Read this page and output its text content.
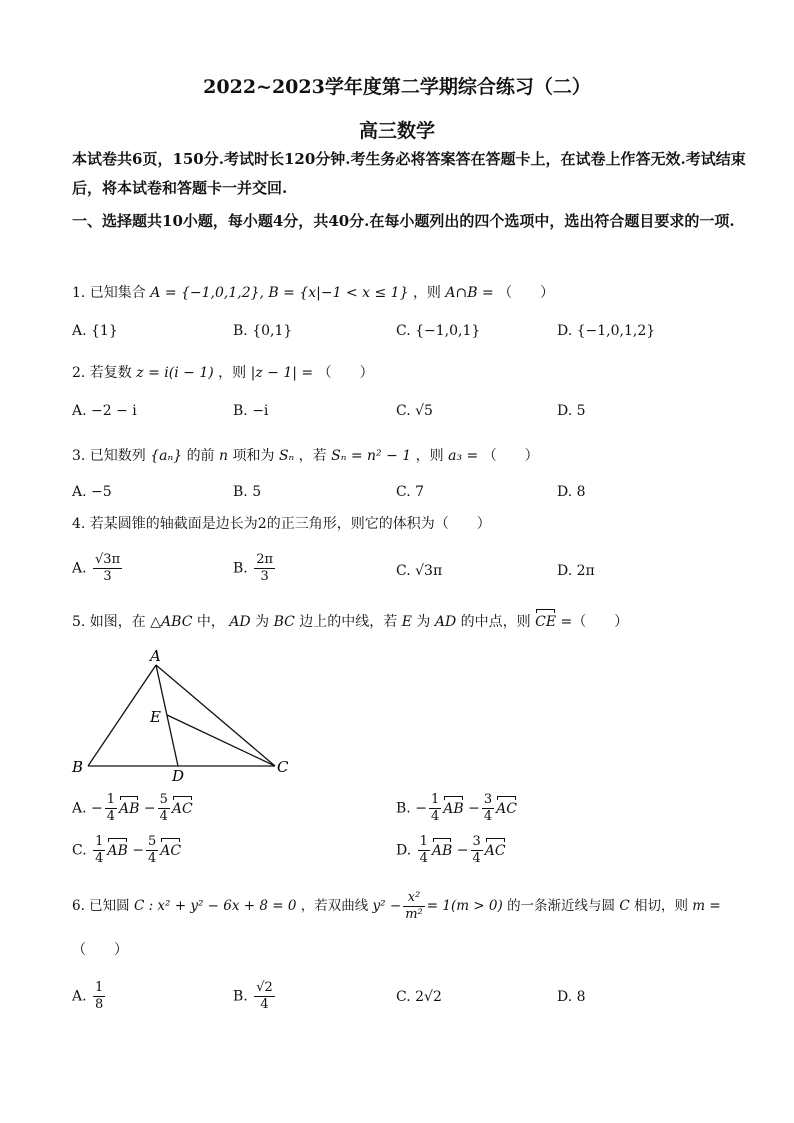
2022~2023学年度第二学期综合练习（二）
高三数学
本试卷共6页，150分.考试时长120分钟.考生务必将答案答在答题卡上，在试卷上作答无效.考试结束后，将本试卷和答题卡一并交回.
一、选择题共10小题，每小题4分，共40分.在每小题列出的四个选项中，选出符合题目要求的一项.
1. 已知集合 A = {−1,0,1,2}, B = {x|−1 < x ≤ 1} ，则 A∩B = （　　）
A. {1}	B. {0,1}	C. {−1,0,1}	D. {−1,0,1,2}
2. 若复数 z = i(i − 1) ，则 |z − 1| = （　　）
A. −2 − i	B. −i	C. √5	D. 5
3. 已知数列 {aₙ} 的前 n 项和为 Sₙ ，若 Sₙ = n² − 1 ，则 a₃ = （　　）
A. −5	B. 5	C. 7	D. 8
4. 若某圆锥的轴截面是边长为2的正三角形，则它的体积为（　　）
A. $\frac{√3\pi}{3}$	B. $\frac{2\pi}{3}$	C. √3π	D. 2π
5. 如图，在 △ABC 中， AD 为 BC 边上的中线，若 E 为 AD 的中点，则 CE =（　　）
A
B	C
D
E
A. − $\frac{1}{4}$ AB − $\frac{5}{4}$ AC	B. − $\frac{1}{4}$ AB − $\frac{3}{4}$ AC
C. $\frac{1}{4}$ AB − $\frac{5}{4}$ AC	D. $\frac{1}{4}$ AB − $\frac{3}{4}$ AC
6. 已知圆 C : x² + y² − 6x + 8 = 0 ，若双曲线 $y^2 - \frac{\text{x²}}{\text{m²}} = 1(m > 0)$ 的一条渐近线与圆 C 相切，则 m =
（　　）
A. $\frac{1}{8}$	B. $\frac{√2}{4}$	C. 2√2	D. 8
